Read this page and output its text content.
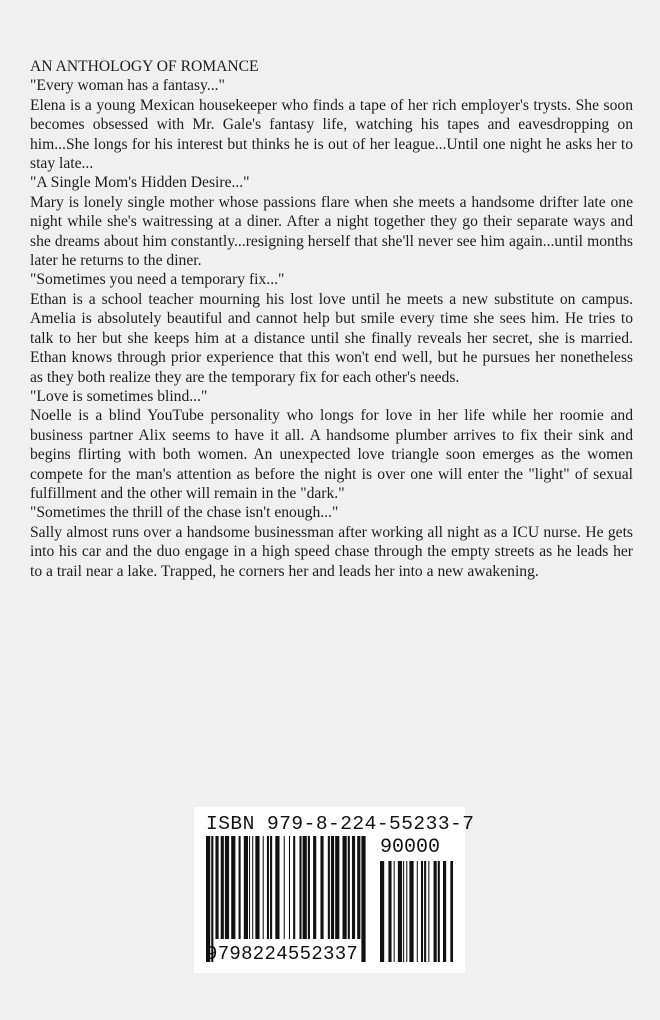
AN ANTHOLOGY OF ROMANCE

"Every woman has a fantasy..."

Elena is a young Mexican housekeeper who finds a tape of her rich employer's trysts. She soon becomes obsessed with Mr. Gale's fantasy life, watching his tapes and eavesdropping on him...She longs for his interest but thinks he is out of her league...Until one night he asks her to stay late...

"A Single Mom's Hidden Desire..."

Mary is lonely single mother whose passions flare when she meets a handsome drifter late one night while she's waitressing at a diner. After a night together they go their separate ways and she dreams about him constantly...resigning herself that she'll never see him again...until months later he returns to the diner.

"Sometimes you need a temporary fix..."

Ethan is a school teacher mourning his lost love until he meets a new substitute on campus. Amelia is absolutely beautiful and cannot help but smile every time she sees him. He tries to talk to her but she keeps him at a distance until she finally reveals her secret, she is married. Ethan knows through prior experience that this won't end well, but he pursues her nonetheless as they both realize they are the temporary fix for each other's needs.

"Love is sometimes blind..."

Noelle is a blind YouTube personality who longs for love in her life while her roomie and business partner Alix seems to have it all. A handsome plumber arrives to fix their sink and begins flirting with both women. An unexpected love triangle soon emerges as the women compete for the man's attention as before the night is over one will enter the "light" of sexual fulfillment and the other will remain in the "dark."

"Sometimes the thrill of the chase isn't enough..."

Sally almost runs over a handsome businessman after working all night as a ICU nurse. He gets into his car and the duo engage in a high speed chase through the empty streets as he leads her to a trail near a lake. Trapped, he corners her and leads her into a new awakening.

ISBN 979-8-224-55233-7
90000
9798224552337
